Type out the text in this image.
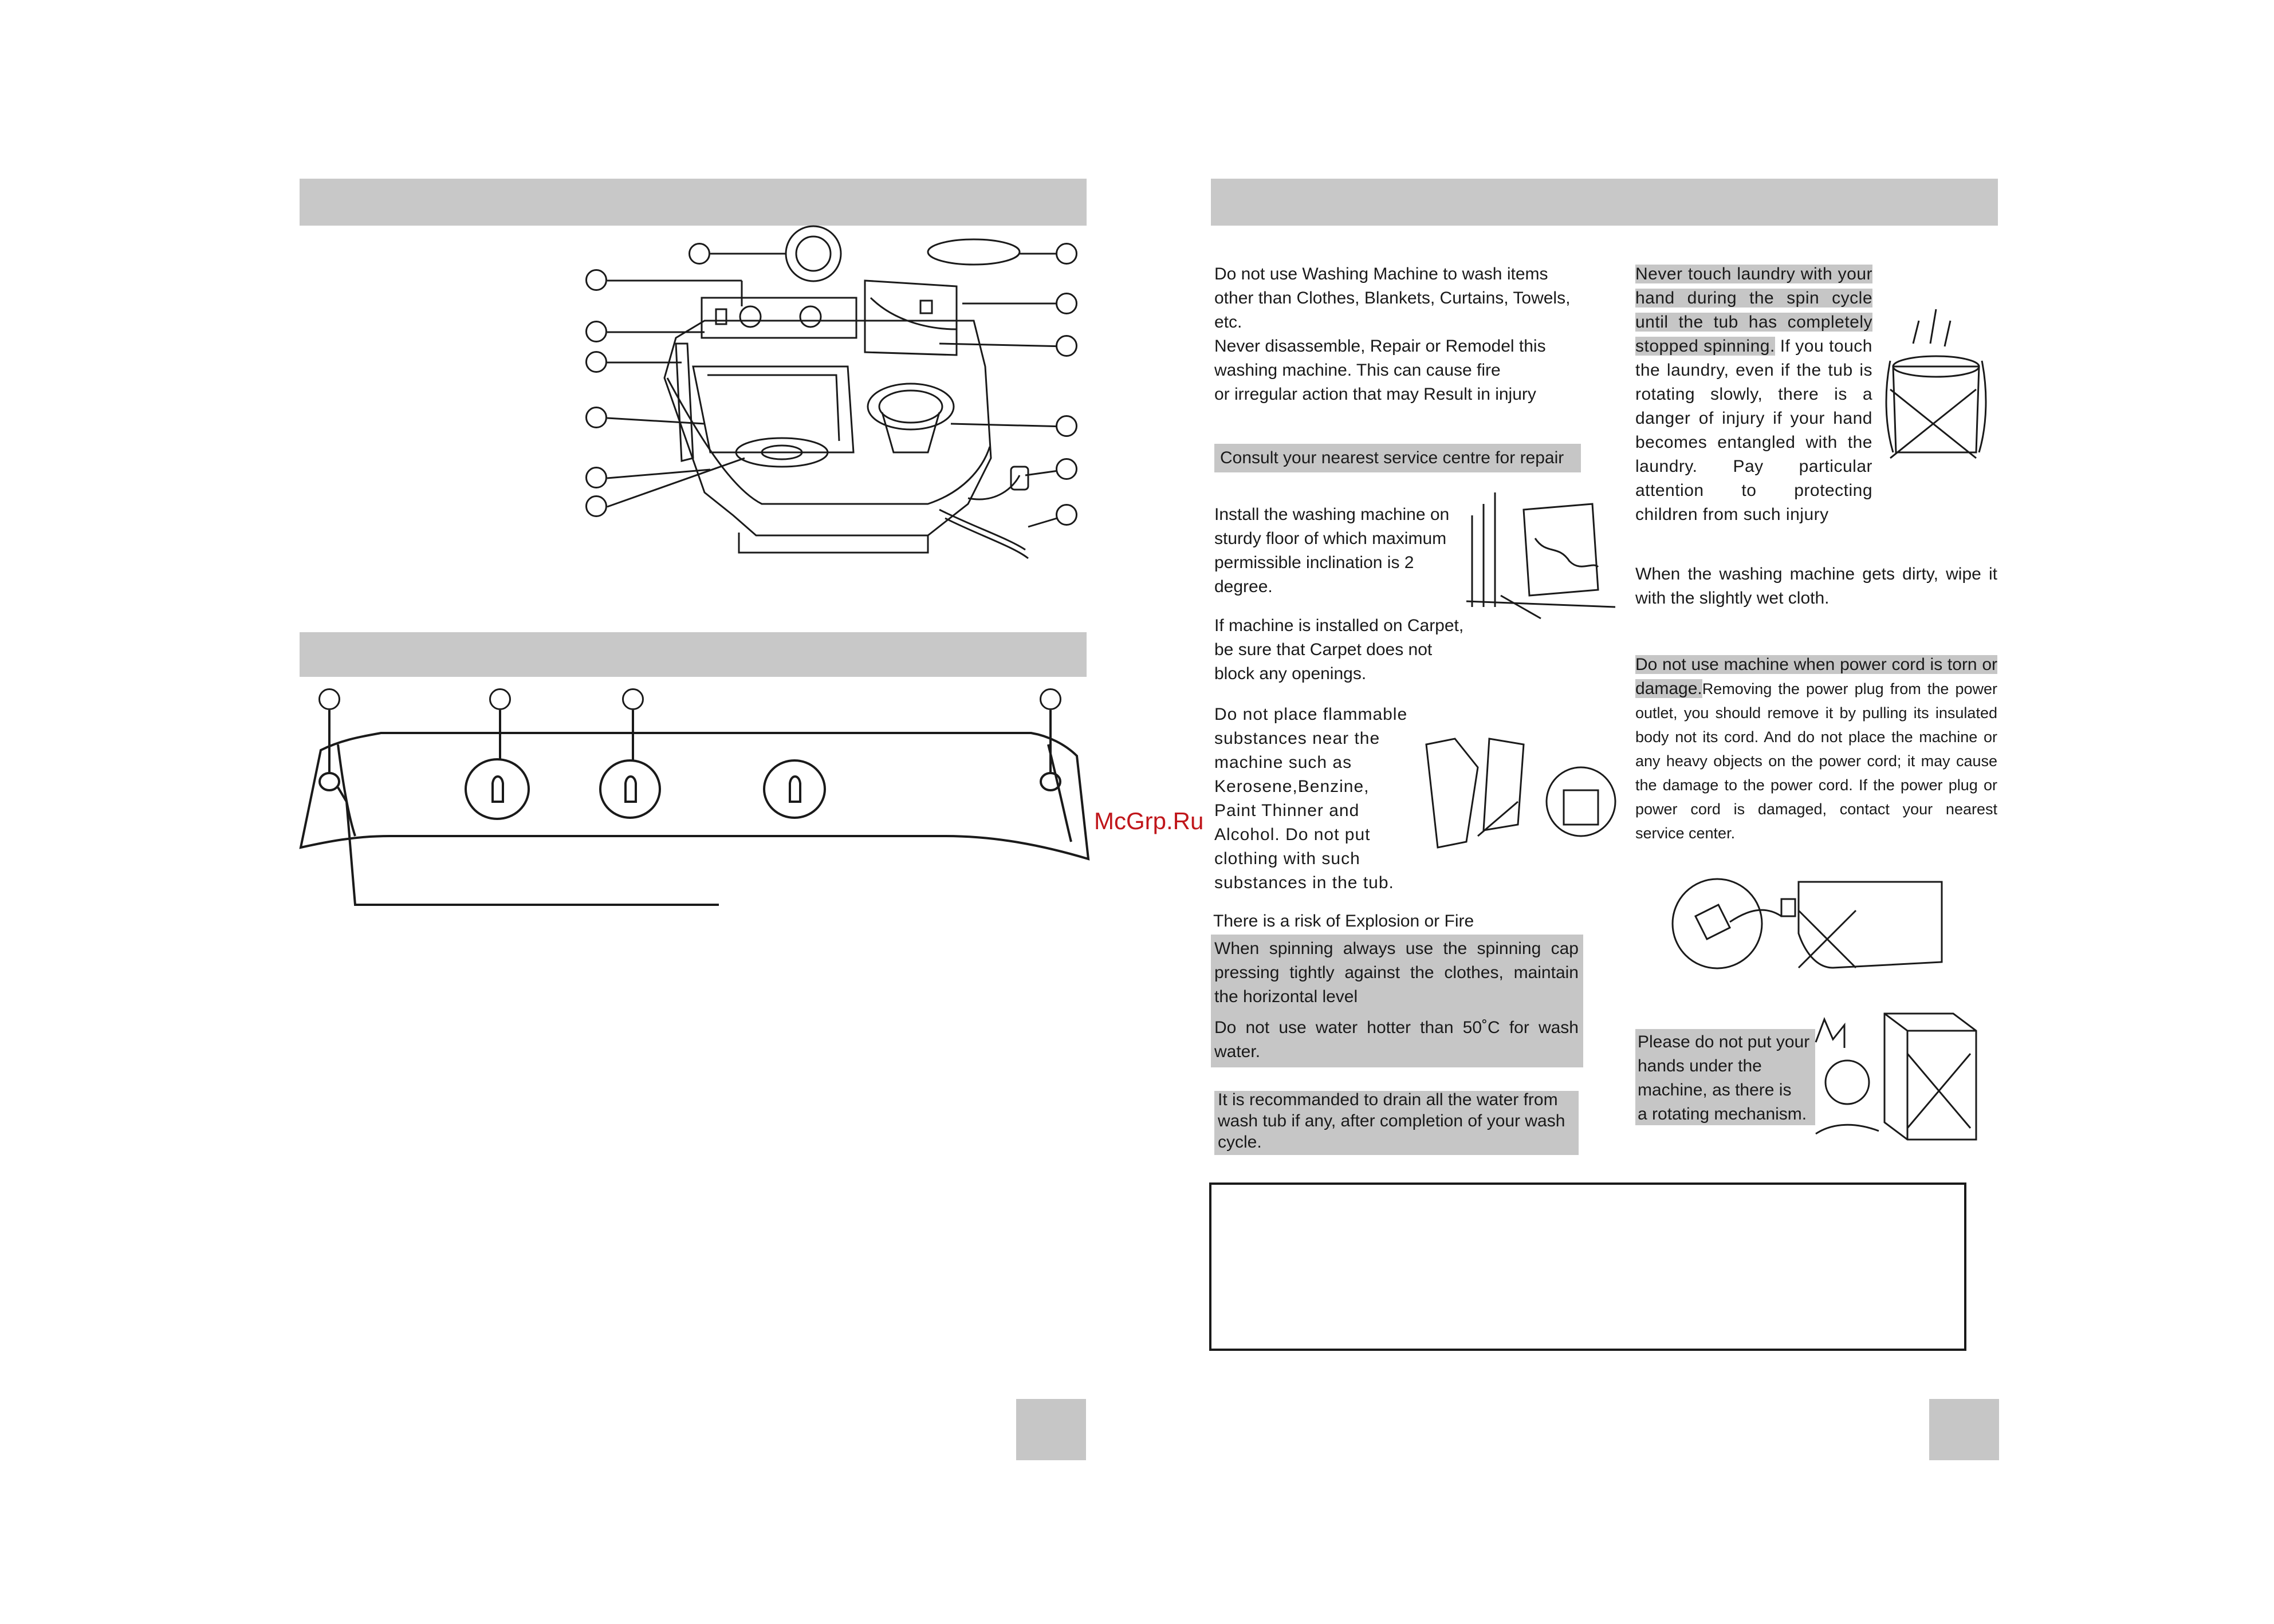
McGrp.Ru
Do not use Washing Machine to wash items
other than Clothes, Blankets, Curtains, Towels,
etc.
Never disassemble, Repair or Remodel this
washing machine. This can cause fire
or irregular action that may Result in injury
Consult your nearest service centre for repair
Install the washing machine on
sturdy floor of which maximum
permissible inclination is 2
degree.
If machine is installed on Carpet,
be sure that Carpet does not
block any openings.
Do not place flammable
substances near the
machine such as
Kerosene,Benzine,
Paint Thinner and
Alcohol. Do not put
clothing with such
substances in the tub.
There is a risk of Explosion or Fire
When spinning always use the spinning cap pressing tightly against the clothes, maintain the horizontal level
Do not use water hotter than 50˚C for wash water.
It is recommanded to drain all the water from
wash tub if any, after completion of your wash
cycle.
Never touch laundry with your hand during the spin cycle until the tub has completely stopped spinning. If you touch the laundry, even if the tub is rotating slowly, there is a danger of injury if your hand becomes entangled with the laundry. Pay particular attention to protecting children from such injury
When the washing machine gets dirty, wipe it with the slightly wet cloth.
Do not use machine when power cord is torn or damage.Removing the power plug from the power outlet, you should remove it by pulling its insulated body not its cord. And do not place the machine or any heavy objects on the power cord; it may cause the damage to the power cord. If the power plug or power cord is damaged, contact your nearest service center.
Please do not put your
hands under the
machine, as there is
a rotating mechanism.
